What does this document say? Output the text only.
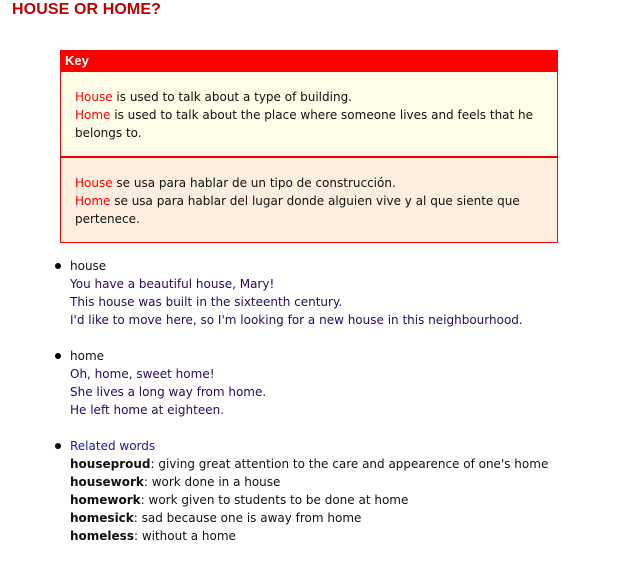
HOUSE OR HOME?
Key
House is used to talk about a type of building.
Home is used to talk about the place where someone lives and feels that he belongs to.
House se usa para hablar de un tipo de construcción.
Home se usa para hablar del lugar donde alguien vive y al que siente que pertenece.
house
You have a beautiful house, Mary!
This house was built in the sixteenth century.
I'd like to move here, so I'm looking for a new house in this neighbourhood.
home
Oh, home, sweet home!
She lives a long way from home.
He left home at eighteen.
Related words
houseproud: giving great attention to the care and appearence of one's home
housework: work done in a house
homework: work given to students to be done at home
homesick: sad because one is away from home
homeless: without a home
